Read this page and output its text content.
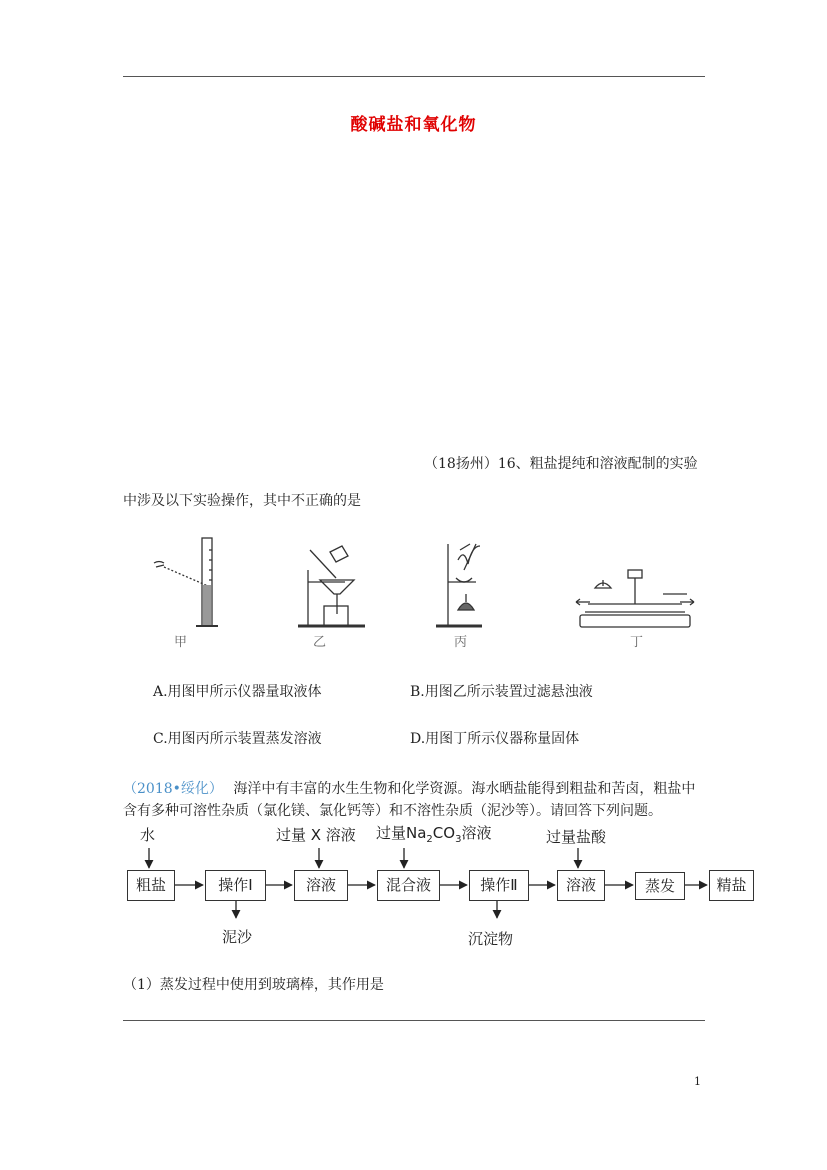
酸碱盐和氧化物
（18扬州）16、粗盐提纯和溶液配制的实验
中涉及以下实验操作，其中不正确的是
甲	乙	丙	丁
A.用图甲所示仪器量取液体	B.用图乙所示装置过滤悬浊液
C.用图丙所示装置蒸发溶液	D.用图丁所示仪器称量固体
（2018•绥化） 海洋中有丰富的水生生物和化学资源。海水晒盐能得到粗盐和苦卤，粗盐中
含有多种可溶性杂质（氯化镁、氯化钙等）和不溶性杂质（泥沙等）。请回答下列问题。
水	过量 X 溶液 过量$Na_2CO_3$溶液	过量盐酸
粗盐	操作Ⅰ	溶液	混合液	操作Ⅱ	溶液	蒸发	精盐
泥沙	沉淀物
（1）蒸发过程中使用到玻璃棒，其作用是
1
